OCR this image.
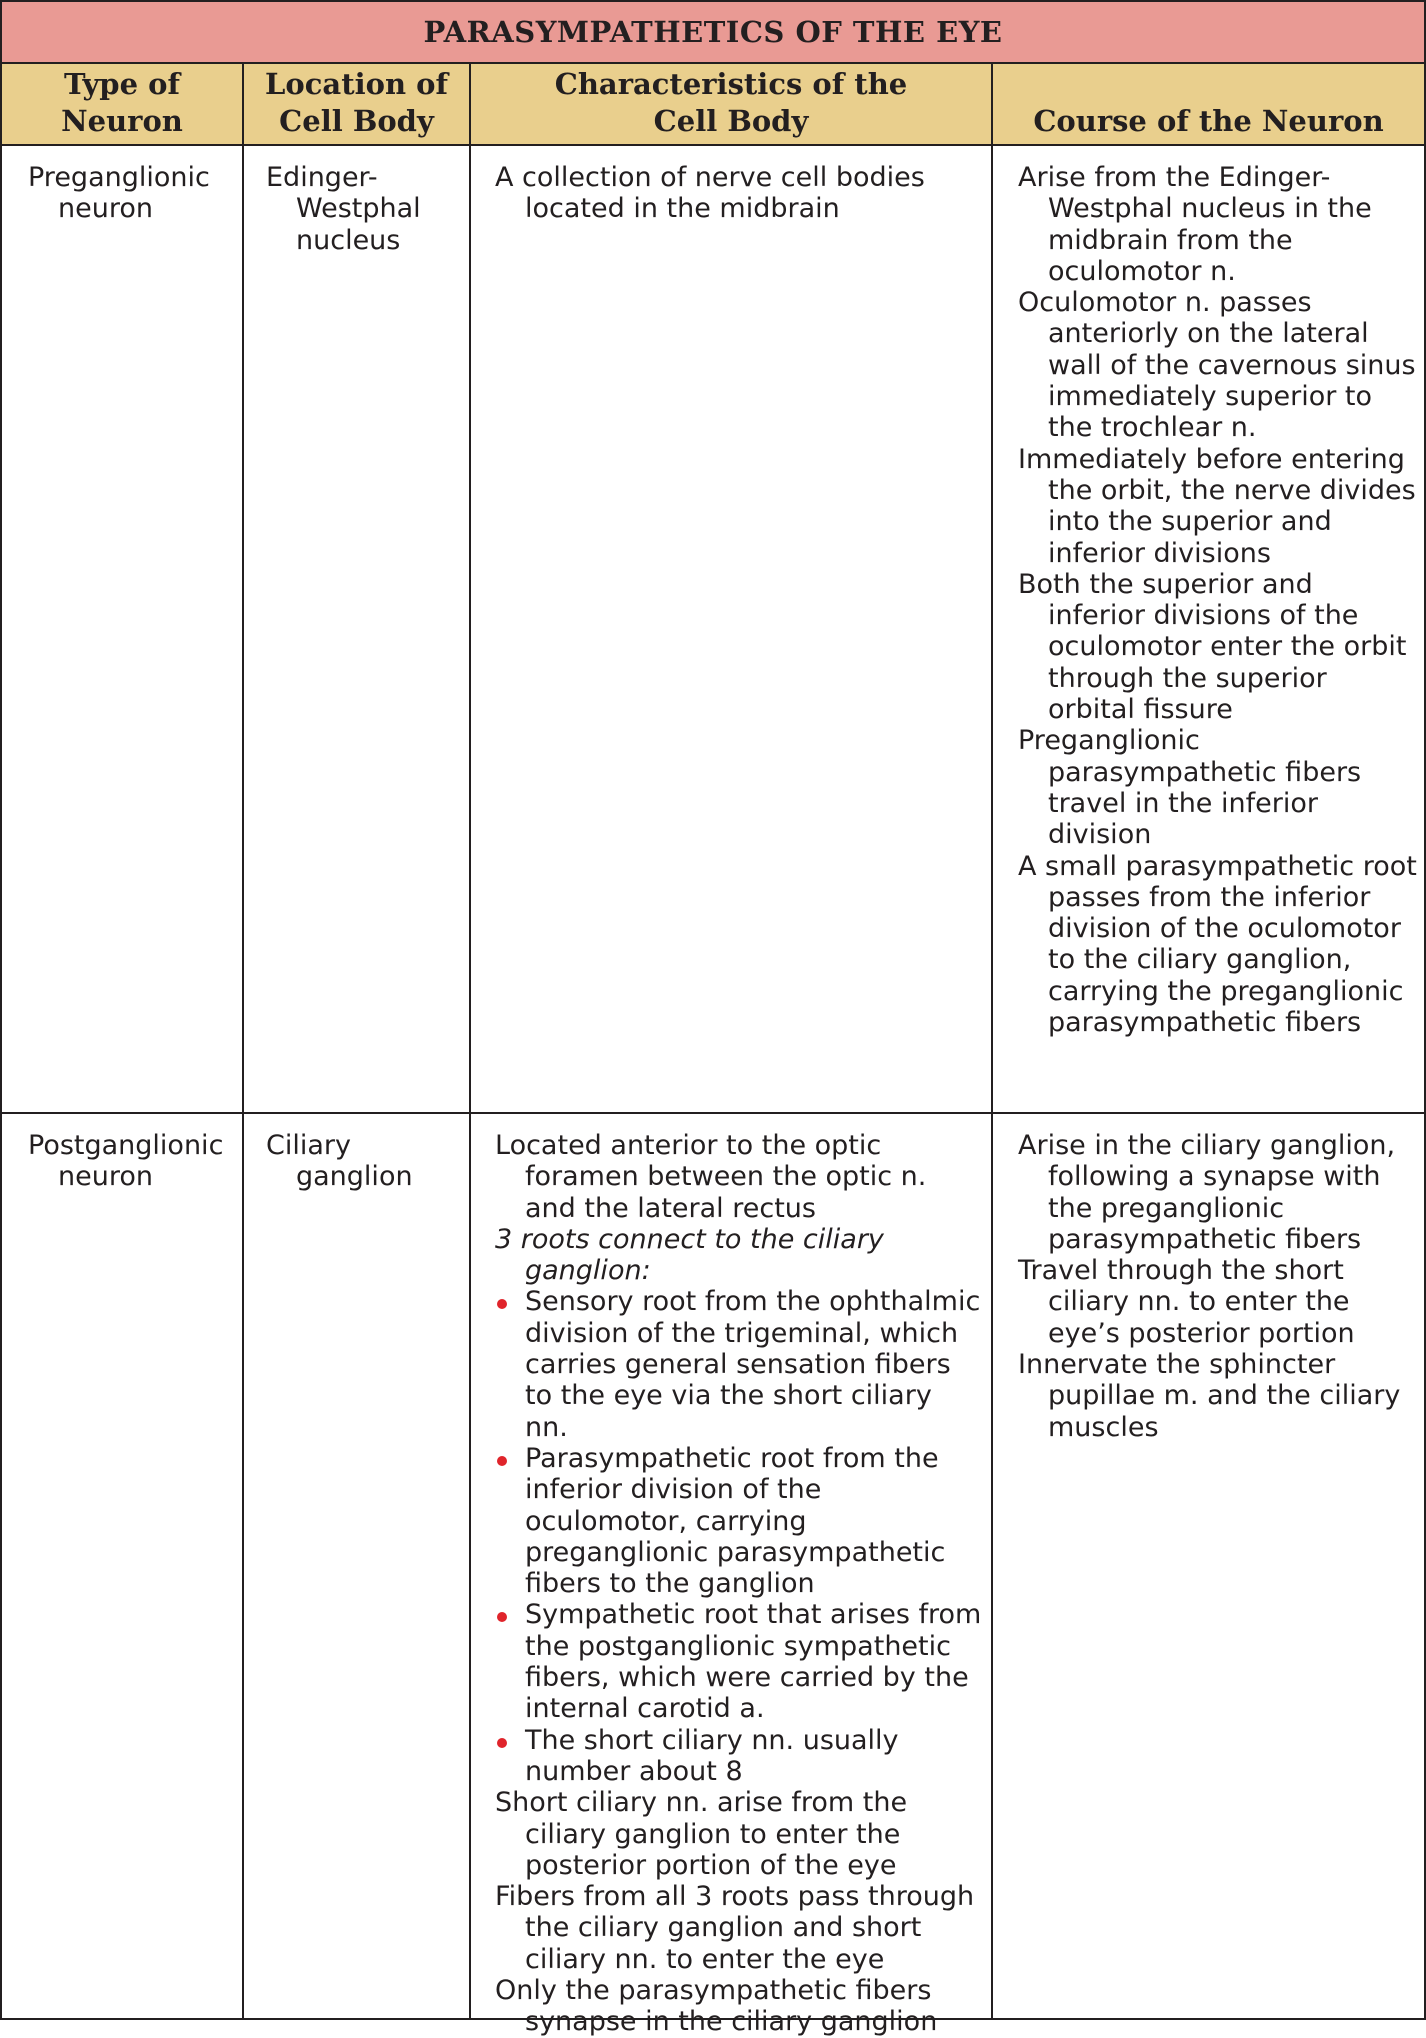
PARASYMPATHETICS OF THE EYE
Type of
Neuron
Location of
Cell Body
Characteristics of the
Cell Body	Course of the Neuron

Preganglionic neuron

Edinger-Westphal nucleus

A collection of nerve cell bodies located in the midbrain

Arise from the Edinger-Westphal nucleus in the midbrain from the oculomotor n.

Oculomotor n. passes anteriorly on the lateral wall of the cavernous sinus immediately superior to the trochlear n.

Immediately before entering the orbit, the nerve divides into the superior and inferior divisions

Both the superior and inferior divisions of the oculomotor enter the orbit through the superior orbital fissure

Preganglionic parasympathetic fibers travel in the inferior division

A small parasympathetic root passes from the inferior division of the oculomotor to the ciliary ganglion, carrying the preganglionic parasympathetic fibers

Postganglionic neuron

Ciliary ganglion

Located anterior to the optic foramen between the optic n. and the lateral rectus

3 roots connect to the ciliary ganglion:

Sensory root from the ophthalmic division of the trigeminal, which carries general sensation fibers to the eye via the short ciliary nn.
Parasympathetic root from the inferior division of the oculomotor, carrying preganglionic parasympathetic fibers to the ganglion
Sympathetic root that arises from the postganglionic sympathetic fibers, which were carried by the internal carotid a.
The short ciliary nn. usually number about 8

Short ciliary nn. arise from the ciliary ganglion to enter the posterior portion of the eye

Fibers from all 3 roots pass through the ciliary ganglion and short ciliary nn. to enter the eye

Only the parasympathetic fibers synapse in the ciliary ganglion

Arise in the ciliary ganglion, following a synapse with the preganglionic parasympathetic fibers

Travel through the short ciliary nn. to enter the eye’s posterior portion

Innervate the sphincter pupillae m. and the ciliary muscles
